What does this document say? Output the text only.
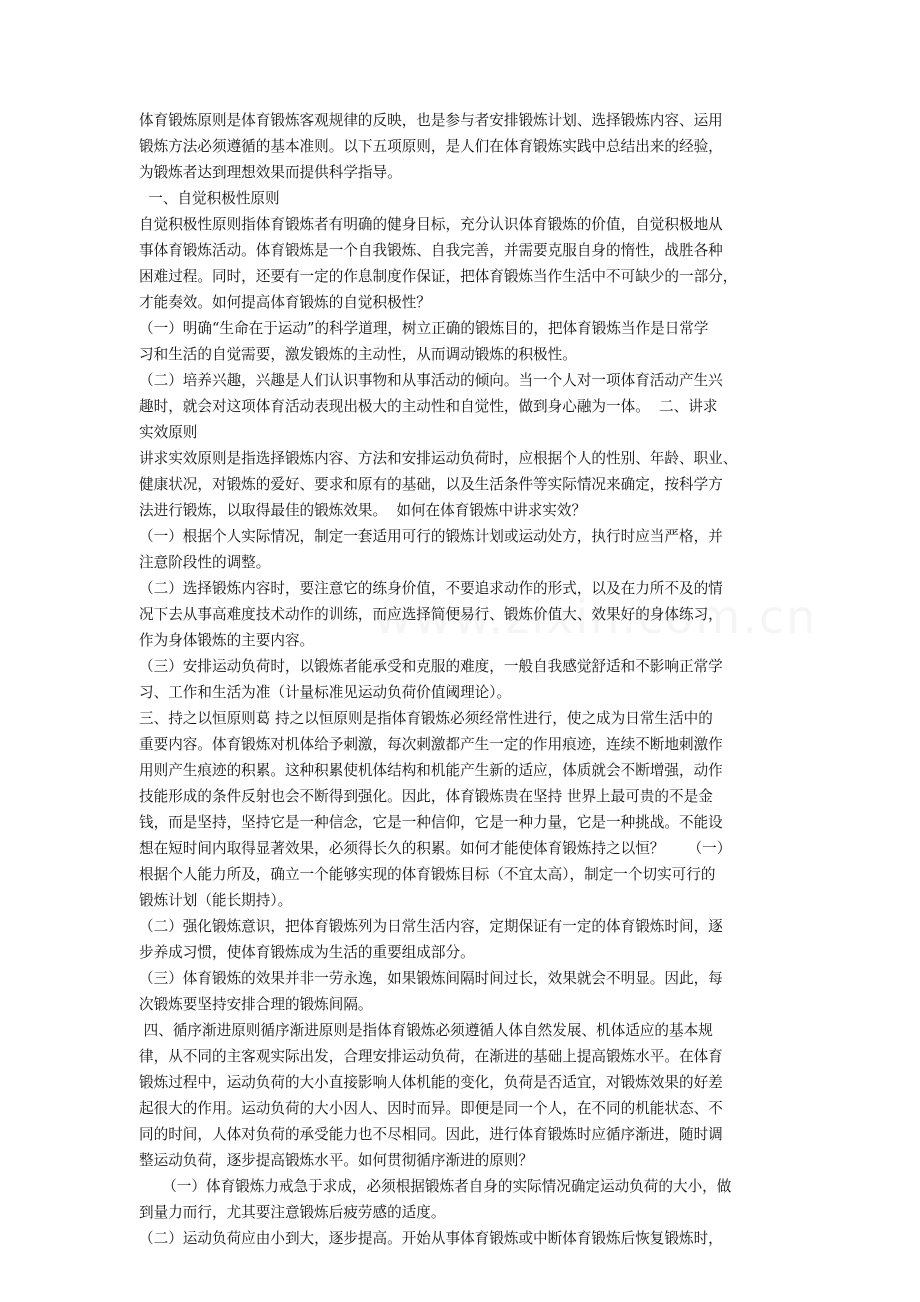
体育锻炼原则是体育锻炼客观规律的反映，也是参与者安排锻炼计划、选择锻炼内容、运用
锻炼方法必须遵循的基本准则。以下五项原则，是人们在体育锻炼实践中总结出来的经验，
为锻炼者达到理想效果而提供科学指导。
一、自觉积极性原则
自觉积极性原则指体育锻炼者有明确的健身目标，充分认识体育锻炼的价值，自觉积极地从
事体育锻炼活动。体育锻炼是一个自我锻炼、自我完善，并需要克服自身的惰性，战胜各种
困难过程。同时，还要有一定的作息制度作保证，把体育锻炼当作生活中不可缺少的一部分，
才能奏效。如何提高体育锻炼的自觉积极性？
（一）明确“生命在于运动”的科学道理，树立正确的锻炼目的，把体育锻炼当作是日常学
习和生活的自觉需要，激发锻炼的主动性，从而调动锻炼的积极性。
（二）培养兴趣，兴趣是人们认识事物和从事活动的倾向。当一个人对一项体育活动产生兴
趣时，就会对这项体育活动表现出极大的主动性和自觉性，做到身心融为一体。  二、讲求
实效原则
讲求实效原则是指选择锻炼内容、方法和安排运动负荷时，应根据个人的性别、年龄、职业、
健康状况，对锻炼的爱好、要求和原有的基础，以及生活条件等实际情况来确定，按科学方
法进行锻炼，以取得最佳的锻炼效果。  如何在体育锻炼中讲求实效？
（一）根据个人实际情况，制定一套适用可行的锻炼计划或运动处方，执行时应当严格，并
注意阶段性的调整。
（二）选择锻炼内容时，要注意它的练身价值，不要追求动作的形式，以及在力所不及的情
况下去从事高难度技术动作的训练，而应选择简便易行、锻炼价值大、效果好的身体练习，
作为身体锻炼的主要内容。
（三）安排运动负荷时，以锻炼者能承受和克服的难度，一般自我感觉舒适和不影响正常学
习、工作和生活为准（计量标准见运动负荷价值阈理论）。
三、持之以恒原则葛 持之以恒原则是指体育锻炼必须经常性进行，使之成为日常生活中的
重要内容。体育锻炼对机体给予刺激，每次刺激都产生一定的作用痕迹，连续不断地刺激作
用则产生痕迹的积累。这种积累使机体结构和机能产生新的适应，体质就会不断增强，动作
技能形成的条件反射也会不断得到强化。因此，体育锻炼贵在坚持 世界上最可贵的不是金
钱，而是坚持，坚持它是一种信念，它是一种信仰，它是一种力量，它是一种挑战。不能设
想在短时间内取得显著效果，必须得长久的积累。如何才能使体育锻炼持之以恒？     （一）
根据个人能力所及，确立一个能够实现的体育锻炼目标（不宜太高），制定一个切实可行的
锻炼计划（能长期持）。
（二）强化锻炼意识，把体育锻炼列为日常生活内容，定期保证有一定的体育锻炼时间，逐
步养成习惯，使体育锻炼成为生活的重要组成部分。
（三）体育锻炼的效果并非一劳永逸，如果锻炼间隔时间过长，效果就会不明显。因此，每
次锻炼要坚持安排合理的锻炼间隔。
四、循序渐进原则循序渐进原则是指体育锻炼必须遵循人体自然发展、机体适应的基本规
律，从不同的主客观实际出发，合理安排运动负荷，在渐进的基础上提高锻炼水平。在体育
锻炼过程中，运动负荷的大小直接影响人体机能的变化，负荷是否适宜，对锻炼效果的好差
起很大的作用。运动负荷的大小因人、因时而异。即便是同一个人，在不同的机能状态、不
同的时间，人体对负荷的承受能力也不尽相同。因此，进行体育锻炼时应循序渐进，随时调
整运动负荷，逐步提高锻炼水平。如何贯彻循序渐进的原则？
（一）体育锻炼力戒急于求成，必须根据锻炼者自身的实际情况确定运动负荷的大小，做
到量力而行，尤其要注意锻炼后疲劳感的适度。
（二）运动负荷应由小到大，逐步提高。开始从事体育锻炼或中断体育锻炼后恢复锻炼时，
